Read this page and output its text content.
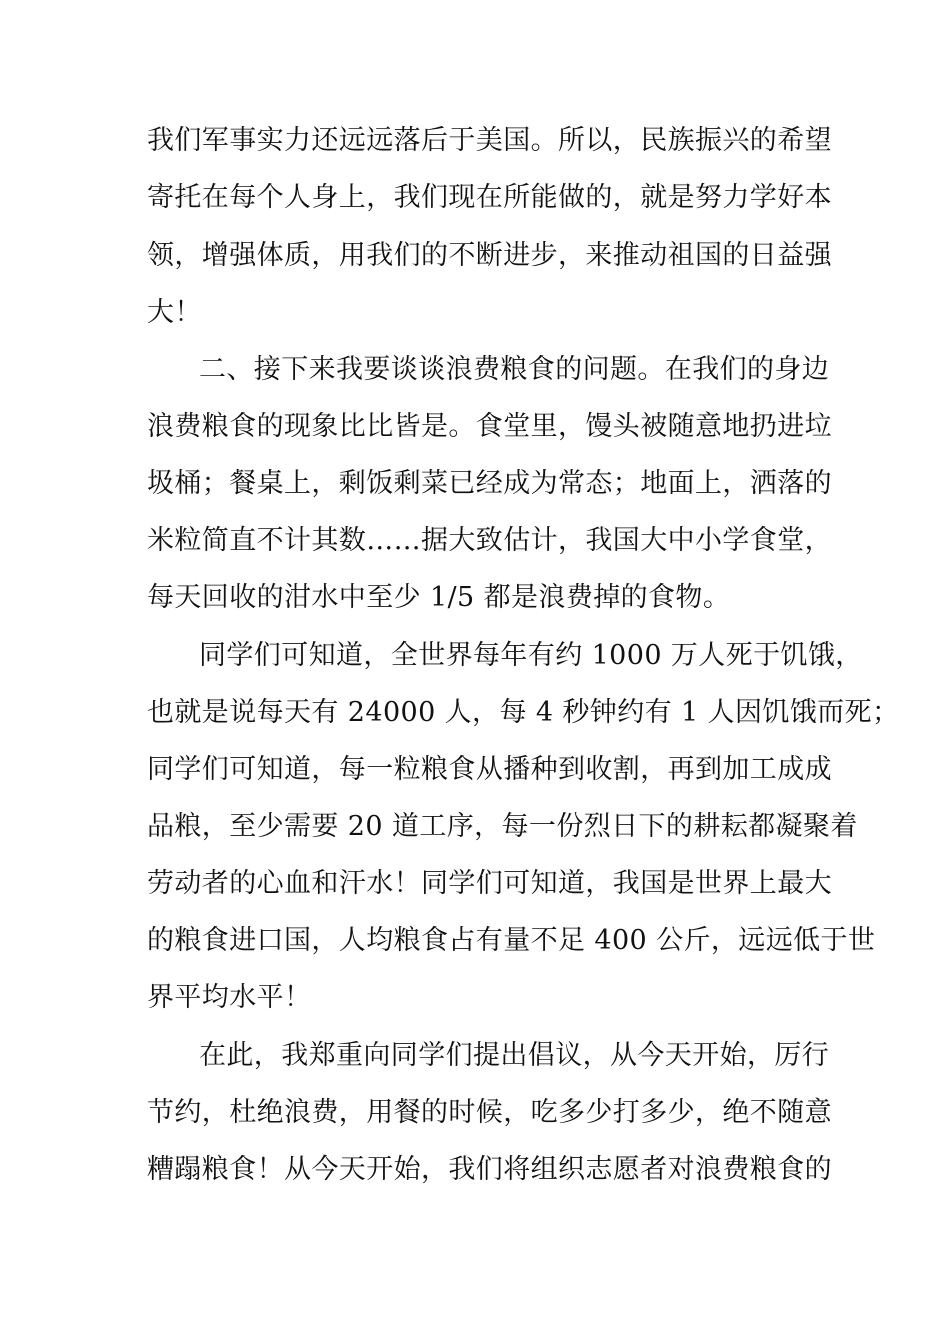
我们军事实力还远远落后于美国。所以，民族振兴的希望
寄托在每个人身上，我们现在所能做的，就是努力学好本
领，增强体质，用我们的不断进步，来推动祖国的日益强
大！
二、接下来我要谈谈浪费粮食的问题。在我们的身边
浪费粮食的现象比比皆是。食堂里，馒头被随意地扔进垃
圾桶；餐桌上，剩饭剩菜已经成为常态；地面上，洒落的
米粒简直不计其数……据大致估计，我国大中小学食堂，
每天回收的泔水中至少 1/5 都是浪费掉的食物。
同学们可知道，全世界每年有约 1000 万人死于饥饿，
也就是说每天有 24000 人，每 4 秒钟约有 1 人因饥饿而死；
同学们可知道，每一粒粮食从播种到收割，再到加工成成
品粮，至少需要 20 道工序，每一份烈日下的耕耘都凝聚着
劳动者的心血和汗水！同学们可知道，我国是世界上最大
的粮食进口国，人均粮食占有量不足 400 公斤，远远低于世
界平均水平！
在此，我郑重向同学们提出倡议，从今天开始，厉行
节约，杜绝浪费，用餐的时候，吃多少打多少，绝不随意
糟蹋粮食！从今天开始，我们将组织志愿者对浪费粮食的
